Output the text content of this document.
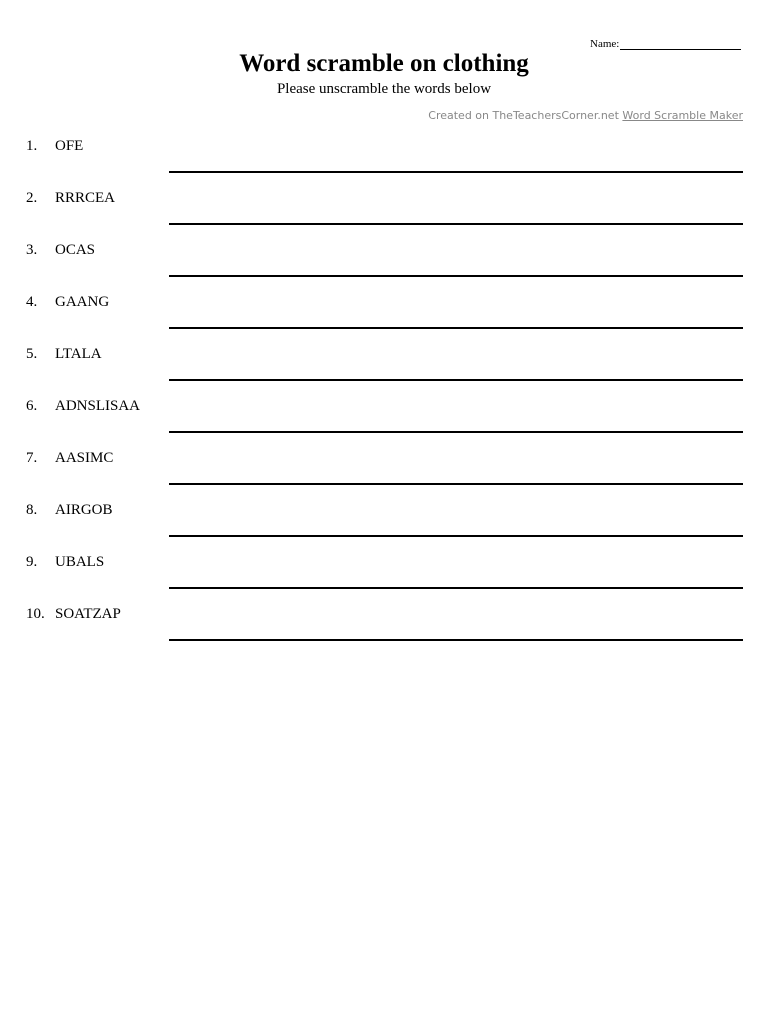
Name:
Word scramble on clothing
Please unscramble the words below
Created on TheTeachersCorner.net Word Scramble Maker
1. OFE
2. RRRCEA
3. OCAS
4. GAANG
5. LTALA
6. ADNSLISAA
7. AASIMC
8. AIRGOB
9. UBALS
10. SOATZAP
